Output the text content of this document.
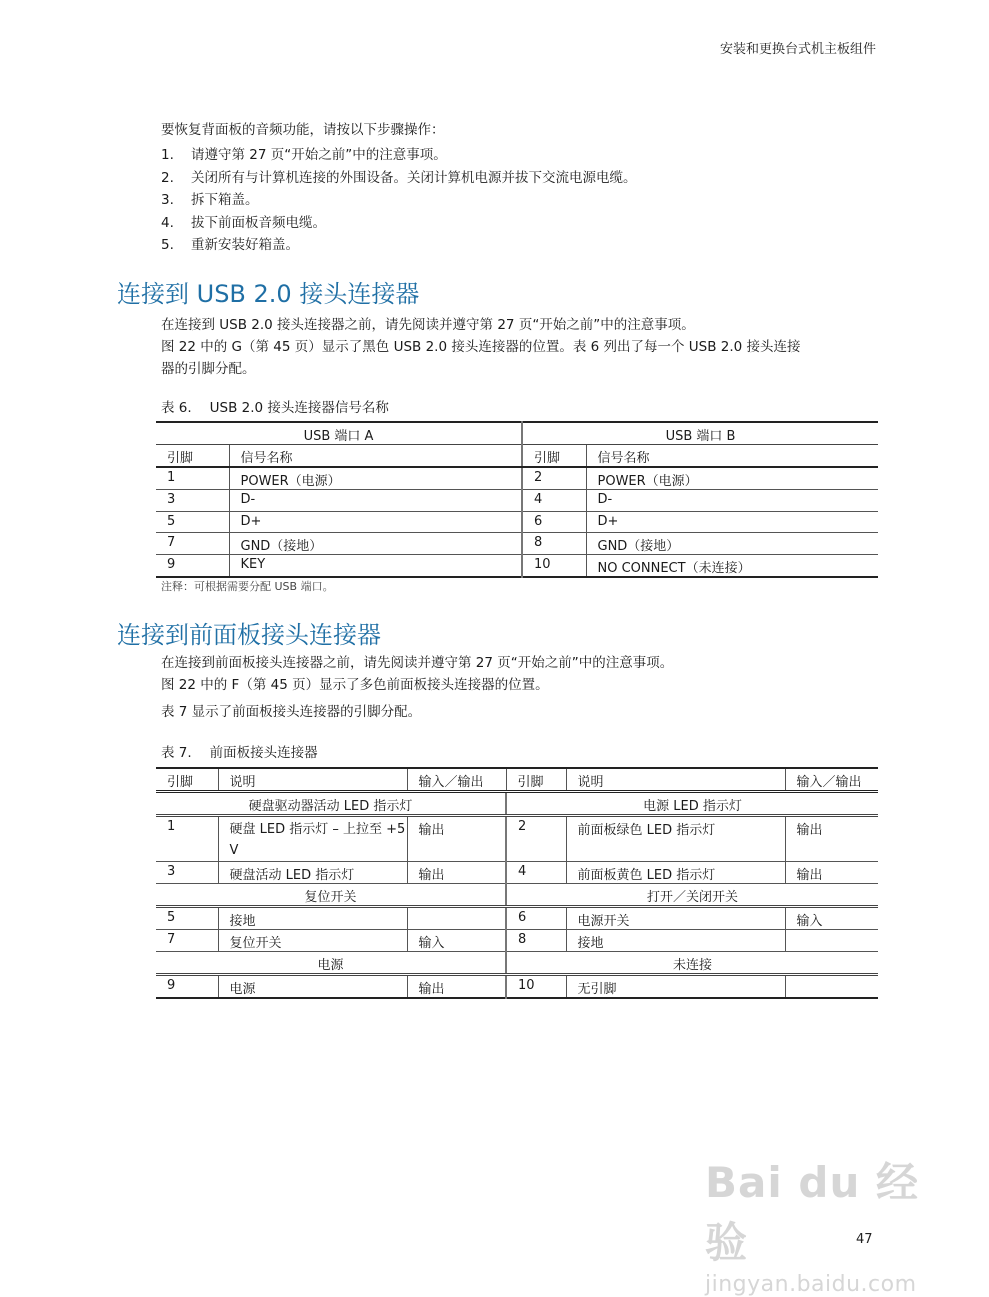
安装和更换台式机主板组件

要恢复背面板的音频功能，请按以下步骤操作：

1.	请遵守第 27 页“开始之前”中的注意事项。
2.	关闭所有与计算机连接的外围设备。关闭计算机电源并拔下交流电源电缆。
3.	拆下箱盖。
4.	拔下前面板音频电缆。
5.	重新安装好箱盖。
连接到 USB 2.0 接头连接器

在连接到 USB 2.0 接头连接器之前，请先阅读并遵守第 27 页“开始之前”中的注意事项。

图 22 中的 G（第 45 页）显示了黑色 USB 2.0 接头连接器的位置。表 6 列出了每一个 USB 2.0 接头连接器的引脚分配。

表 6. USB 2.0 接头连接器信号名称
USB 端口 A		USB 端口 B	
引脚	信号名称	引脚	信号名称
1	POWER（电源）	2	POWER（电源）
3	D-	4	D-
5	D+	6	D+
7	GND（接地）	8	GND（接地）
9	KEY	10	NO CONNECT（未连接）
注释：可根据需要分配 USB 端口。
连接到前面板接头连接器

在连接到前面板接头连接器之前，请先阅读并遵守第 27 页“开始之前”中的注意事项。

图 22 中的 F（第 45 页）显示了多色前面板接头连接器的位置。

表 7 显示了前面板接头连接器的引脚分配。

表 7. 前面板接头连接器
引脚	说明	输入／输出	引脚	说明	输入／输出
硬盘驱动器活动 LED 指示灯			电源 LED 指示灯		
1	硬盘 LED 指示灯 – 上拉至 +5 V	输出	2	前面板绿色 LED 指示灯	输出
3	硬盘活动 LED 指示灯	输出	4	前面板黄色 LED 指示灯	输出
复位开关			打开／关闭开关		
5	接地		6	电源开关	输入
7	复位开关	输入	8	接地	
电源			未连接		
9	电源	输出	10	无引脚	
Bai du 经验
jingyan.baidu.com
47
